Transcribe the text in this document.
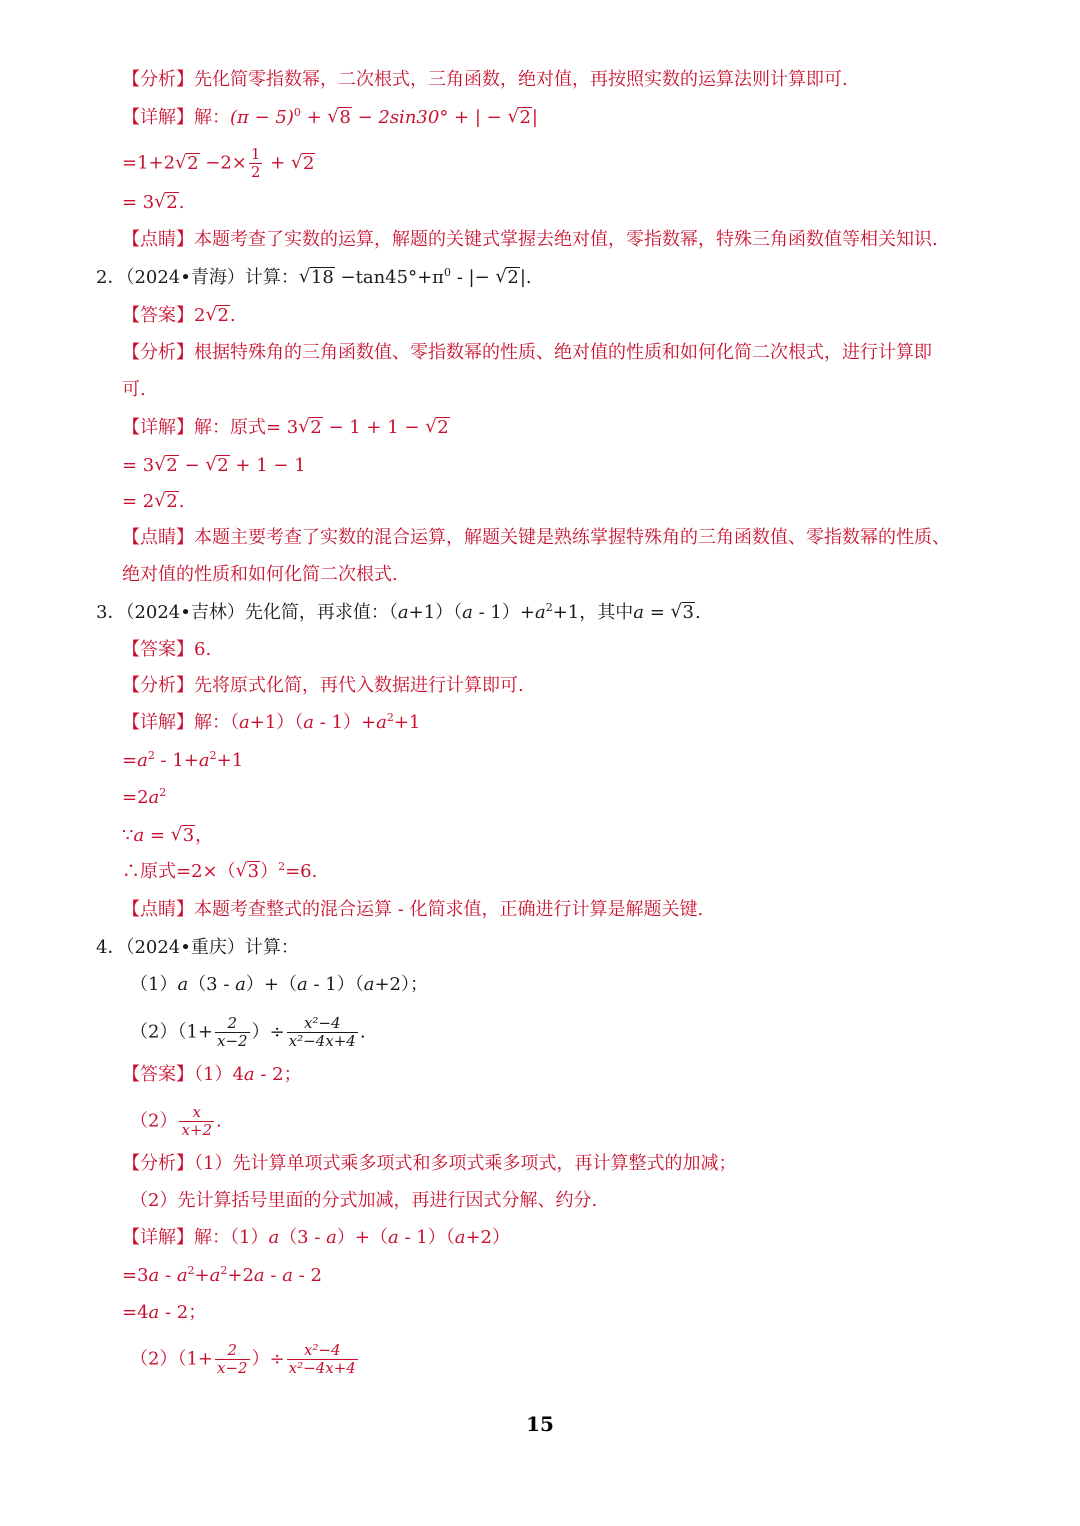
【分析】先化简零指数幂，二次根式，三角函数，绝对值，再按照实数的运算法则计算即可.
【详解】解：$(\pi - 5)^0$ + √ 8 − 2sin30° + | − √ 2|
=1+2 √ $2 -2\times \frac{1}{2}$ + √ 2
= 3 √ 2.
【点睛】本题考查了实数的运算，解题的关键式掌握去绝对值，零指数幂，特殊三角函数值等相关知识.
2．（2024•青海）计算： √ $18 -\tan 45^\circ+\pi^0$ - |− √ 2|.
【答案】2 √ 2.
【分析】根据特殊角的三角函数值、零指数幂的性质、绝对值的性质和如何化简二次根式，进行计算即
可.
【详解】解：原式= 3 √ 2 − 1 + 1 − √ 2
= 3 √ 2 − √ 2 + 1 − 1
= 2 √ 2.
【点睛】本题主要考查了实数的混合运算，解题关键是熟练掌握特殊角的三角函数值、零指数幂的性质、
绝对值的性质和如何化简二次根式.
3．（2024•吉林）先化简，再求值：$(a+1)(a - 1)+a^2+1$，其中a = √ 3.
【答案】6.
【分析】先将原式化简，再代入数据进行计算即可.
【详解】解：$(a+1)(a - 1)+a^2+1$
$=a^2 - 1+a^2+1$
$=2a^2$
∵a = √ 3，
∴原式=2×（ √ 3）$^2$=6.
【点睛】本题考查整式的混合运算 - 化简求值，正确进行计算是解题关键.
4．（2024•重庆）计算：
（1）a（3 - a）+（a - 1）（a+2）；
$(2)(1+ \frac{2}{x-2}$ ）÷ $\frac{\text{x²−4}}{\text{x²−4x+4}}$ .
【答案】（1）4a - 2；
$(2) \frac{x}{x+2}$ .
【分析】（1）先计算单项式乘多项式和多项式乘多项式，再计算整式的加减；
（2）先计算括号里面的分式加减，再进行因式分解、约分.
【详解】解：（1）a（3 - a）+（a - 1）（a+2）
$=3a - a^2+a^2+2a - a - 2$
=4a - 2；
$(2)(1+ \frac{2}{x-2}$ ）÷ $\frac{\text{x²−4}}{\text{x²−4x+4}}$
15
